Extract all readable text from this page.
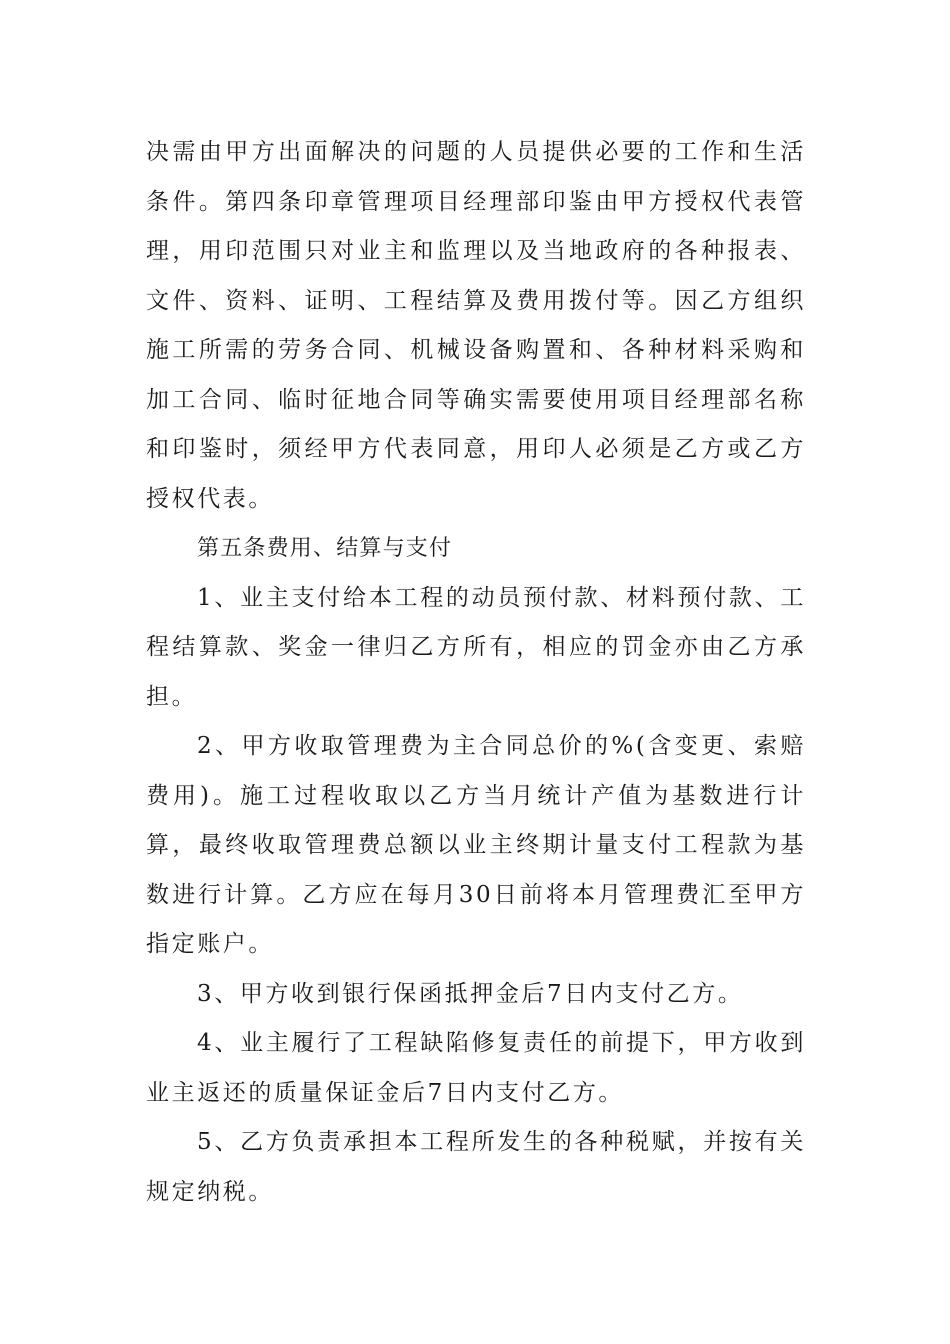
决需由甲方出面解决的问题的人员提供必要的工作和生活条件。第四条印章管理项目经理部印鉴由甲方授权代表管理，用印范围只对业主和监理以及当地政府的各种报表、文件、资料、证明、工程结算及费用拨付等。因乙方组织施工所需的劳务合同、机械设备购置和、各种材料采购和加工合同、临时征地合同等确实需要使用项目经理部名称和印鉴时，须经甲方代表同意，用印人必须是乙方或乙方授权代表。

第五条费用、结算与支付

1、业主支付给本工程的动员预付款、材料预付款、工程结算款、奖金一律归乙方所有，相应的罚金亦由乙方承担。

2、甲方收取管理费为主合同总价的%(含变更、索赔费用)。施工过程收取以乙方当月统计产值为基数进行计算，最终收取管理费总额以业主终期计量支付工程款为基数进行计算。乙方应在每月30日前将本月管理费汇至甲方指定账户。

3、甲方收到银行保函抵押金后7日内支付乙方。

4、业主履行了工程缺陷修复责任的前提下，甲方收到业主返还的质量保证金后7日内支付乙方。

5、乙方负责承担本工程所发生的各种税赋，并按有关规定纳税。
